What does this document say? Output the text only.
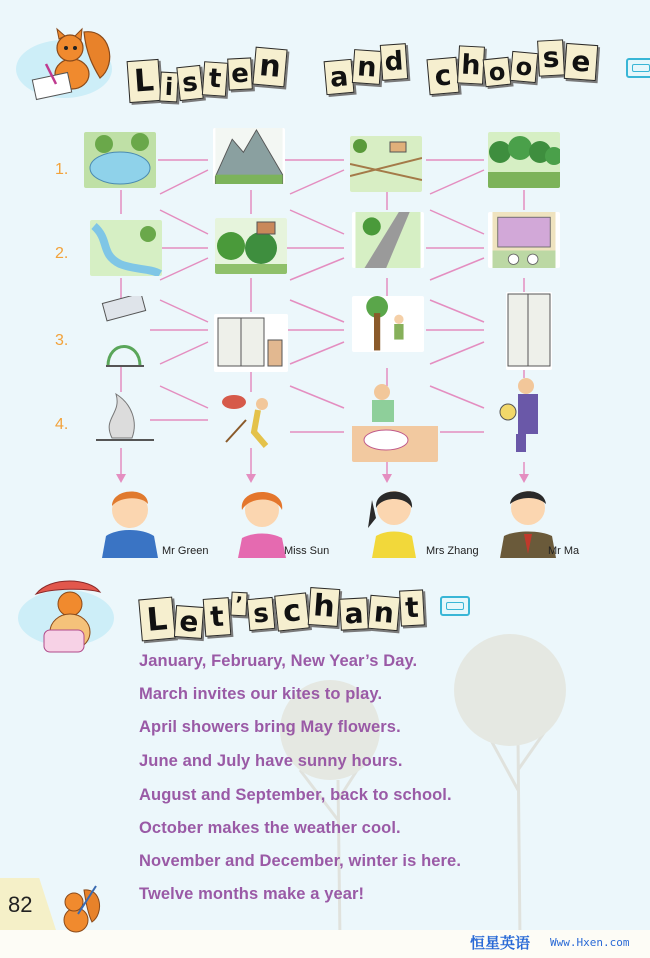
L i s t e n a n d c h o o s e
1.
2.
3.
4.
Mr Green	Miss Sun	Mrs Zhang	Mr Ma
L e t ’ s c h a n t
January, February, New Year’s Day.
March invites our kites to play.
April showers bring May flowers.
June and July have sunny hours.
August and September, back to school.
October makes the weather cool.
November and December, winter is here.
Twelve months make a year!
82
恒星英语 Www.Hxen.com
